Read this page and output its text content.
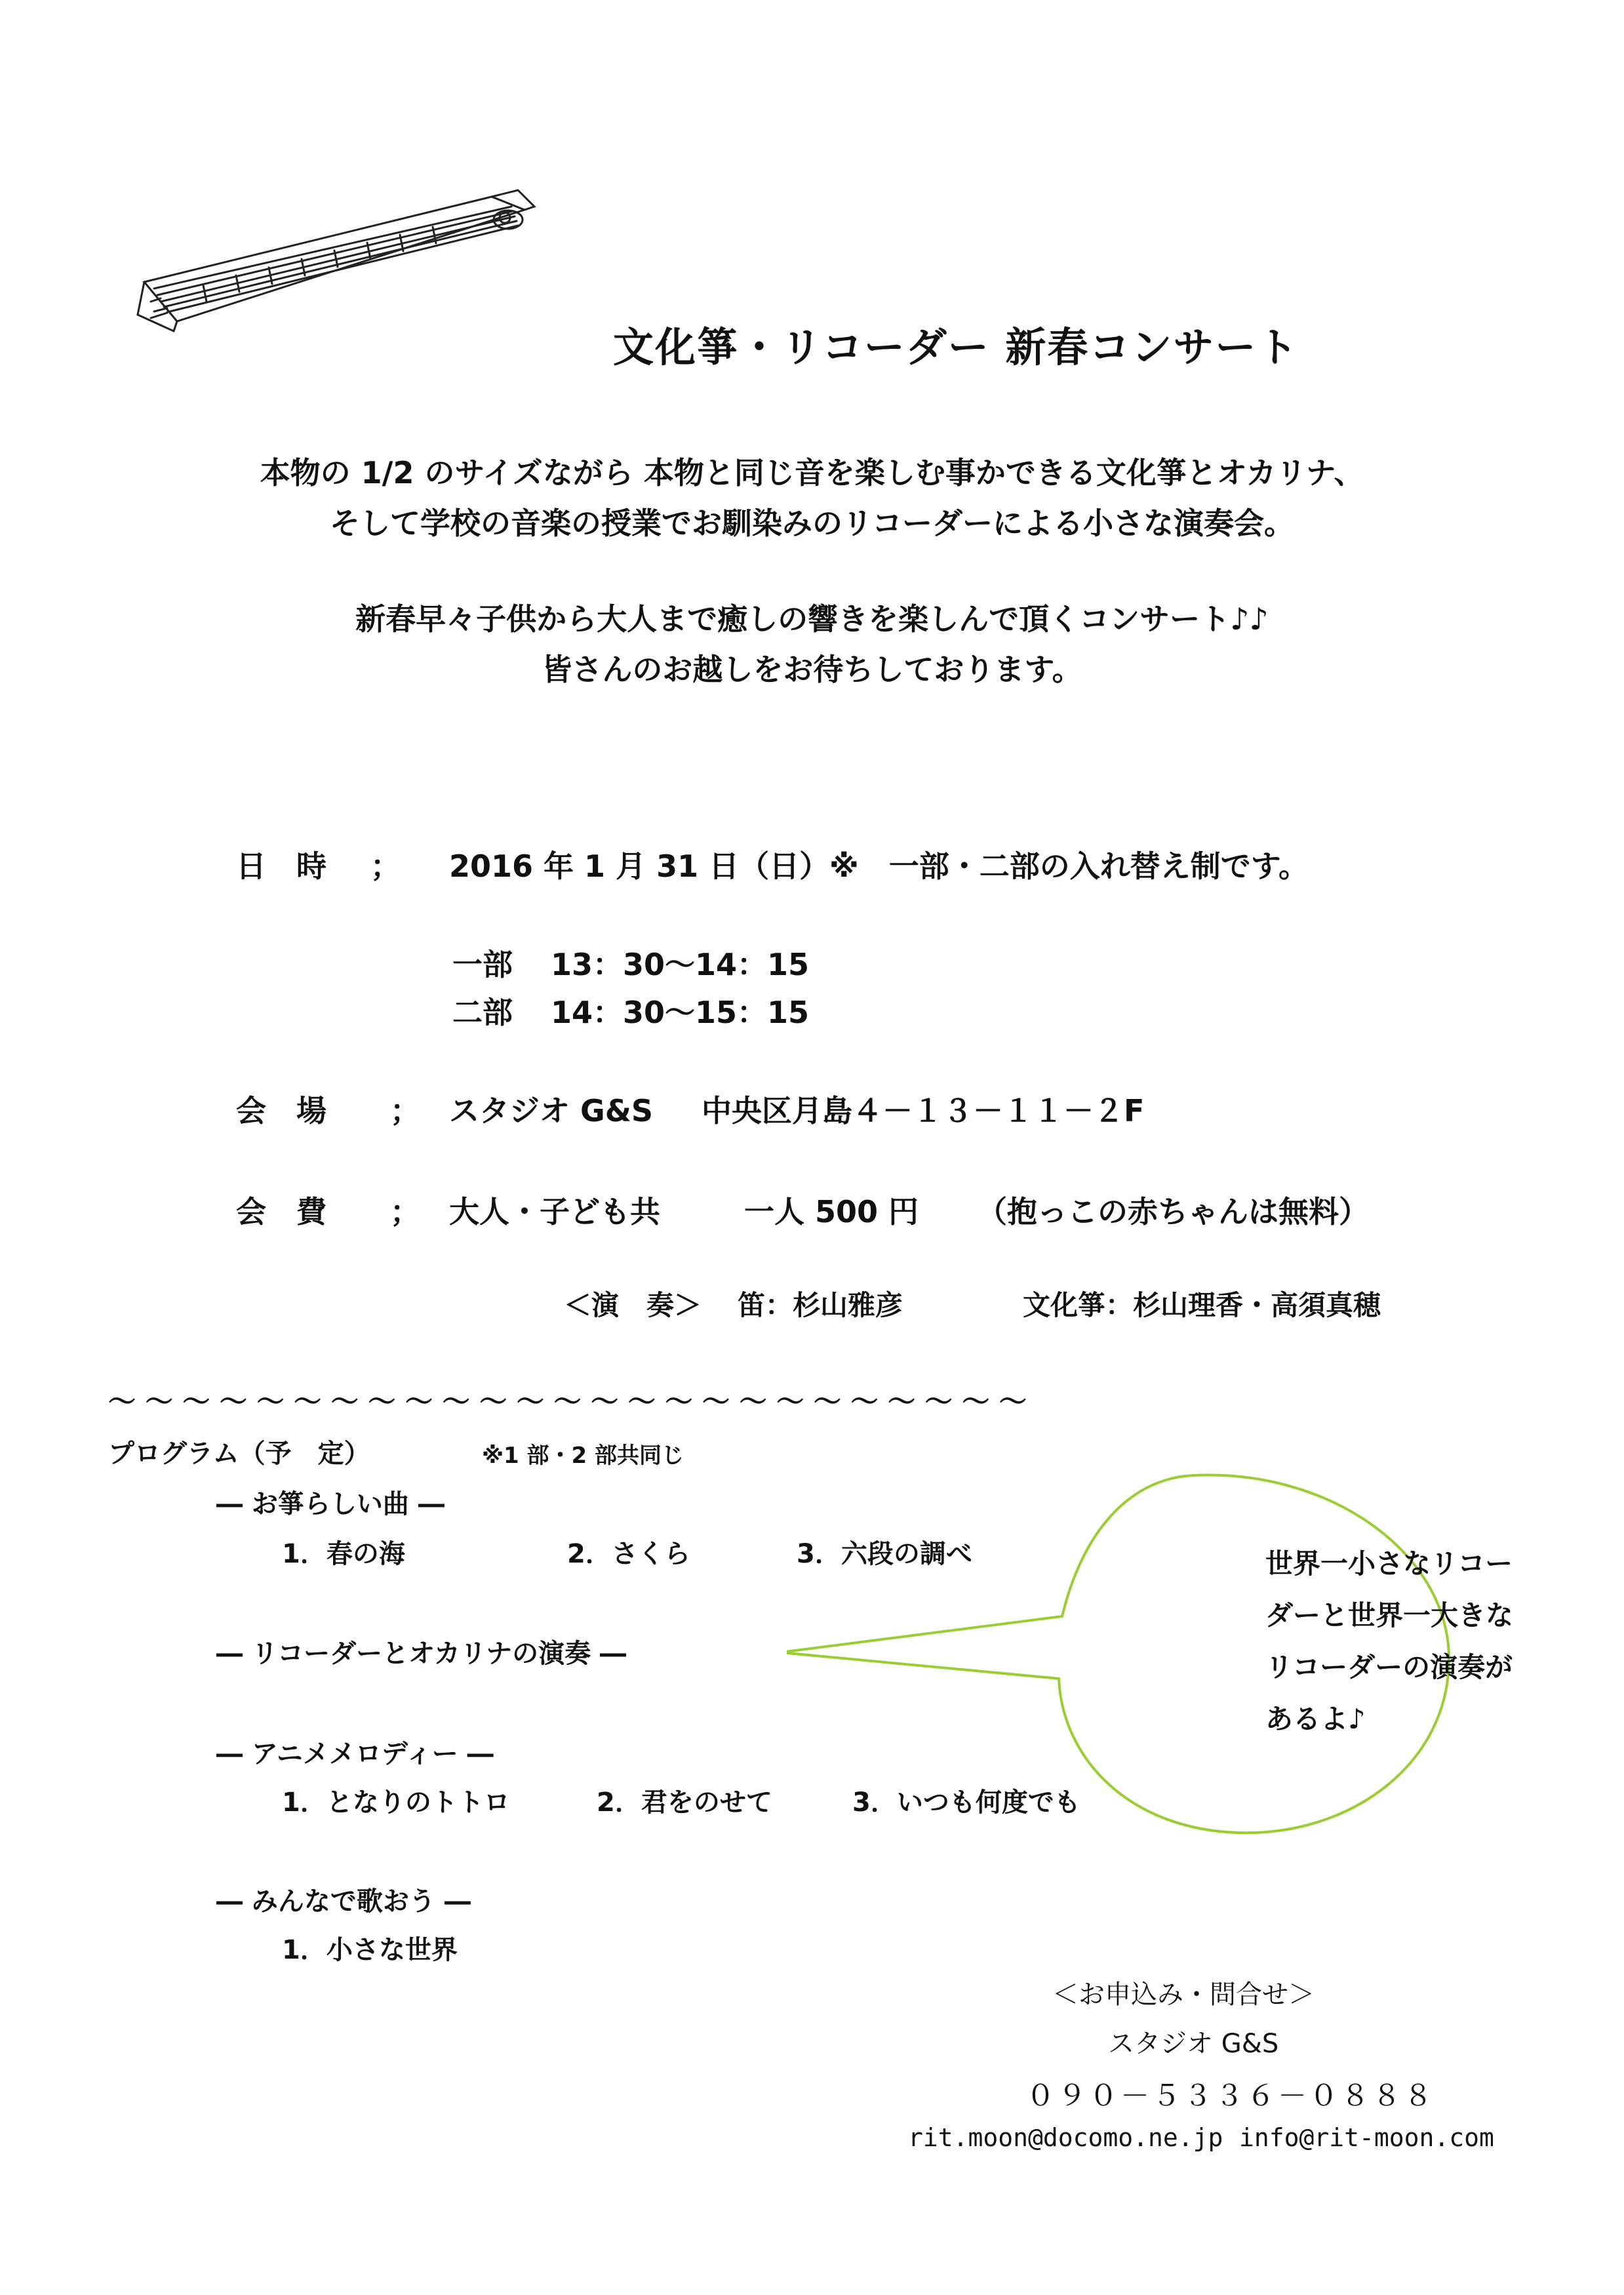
文化箏・リコーダー 新春コンサート
本物の 1/2 のサイズながら 本物と同じ音を楽しむ事かできる文化箏とオカリナ、
そして学校の音楽の授業でお馴染みのリコーダーによる小さな演奏会。
新春早々子供から大人まで癒しの響きを楽しんで頂くコンサート♪♪
皆さんのお越しをお待ちしております。
日　時 ； 2016 年 1 月 31 日（日） ※　一部・二部の入れ替え制です。
一部 13：30～14：15
二部 14：30～15：15
会　場 ； スタジオ G&S 中央区月島４－１３－１１－２F
会　費 ； 大人・子ども共	一人 500 円 （抱っこの赤ちゃんは無料）
＜演　奏＞ 笛：杉山雅彦	文化箏：杉山理香・高須真穂
～ ～ ～ ～ ～ ～ ～ ～ ～ ～ ～ ～ ～ ～ ～ ～ ～ ～ ～ ～ ～ ～ ～ ～ ～
プログラム（予　定）	※1 部・2 部共同じ
― お箏らしい曲 ―
1．春の海	2．さくら	3．六段の調べ
― リコーダーとオカリナの演奏 ―
― アニメメロディー ―
1．となりのトトロ	2．君をのせて	3．いつも何度でも
― みんなで歌おう ―
1．小さな世界
世界一小さなリコーダーと世界一大きなリコーダーの演奏があるよ♪
＜お申込み・問合せ＞
スタジオ G&S
０９０－５３３６－０８８８
rit.moon@docomo.ne.jp info@rit-moon.com
